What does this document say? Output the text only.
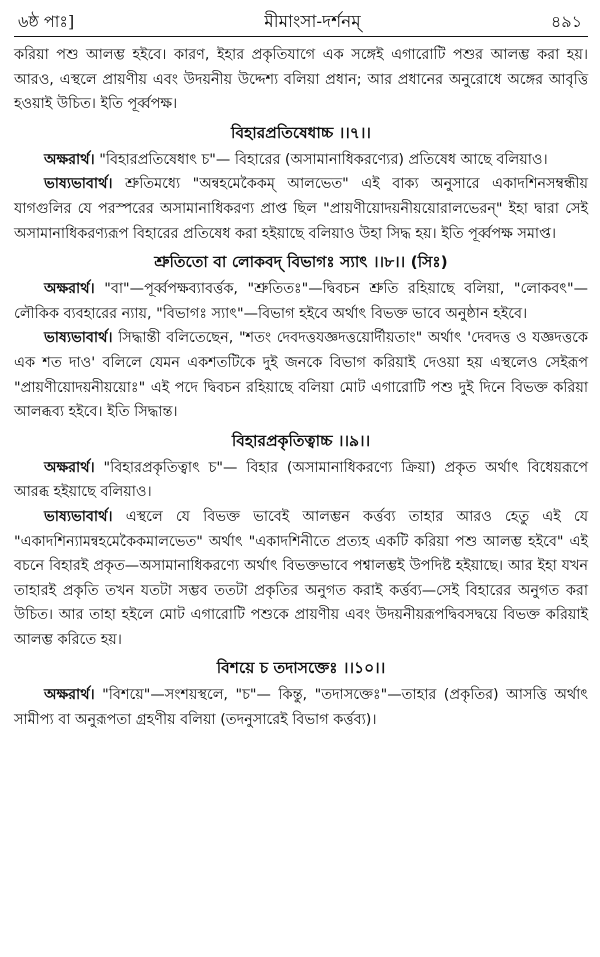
৬ষ্ঠ পাঃ]	মীমাংসা-দর্শনম্	৪৯১

করিয়া পশু আলম্ভ হইবে। কারণ, ইহার প্রকৃতিযাগে এক সঙ্গেই এগারোটি পশুর আলম্ভ করা হয়। আরও, এস্থলে প্রায়ণীয় এবং উদয়নীয় উদ্দেশ্য বলিয়া প্রধান; আর প্রধানের অনুরোধে অঙ্গের আবৃত্তি হওয়াই উচিত। ইতি পূর্ব্বপক্ষ।

বিহারপ্রতিষেধাচ্চ ।।৭।।

অক্ষরার্থ। "বিহারপ্রতিষেধাৎ চ"— বিহারের (অসামানাধিকরণ্যের) প্রতিষেধ আছে বলিয়াও।

ভাষ্যভাবার্থ। শ্রুতিমধ্যে "অন্বহমেকৈকম্ আলভেত" এই বাক্য অনুসারে একাদশিনসম্বন্ধীয় যাগগুলির যে পরস্পরের অসামানাধিকরণ্য প্রাপ্ত ছিল "প্রায়ণীয়োদয়নীয়য়োরালভেরন্" ইহা দ্বারা সেই অসামানাধিকরণ্যরূপ বিহারের প্রতিষেধ করা হইয়াছে বলিয়াও উহা সিদ্ধ হয়। ইতি পূর্ব্বপক্ষ সমাপ্ত।

শ্রুতিতো বা লোকবদ্ বিভাগঃ স্যাৎ ।।৮।। (সিঃ)

অক্ষরার্থ। "বা"—পূর্ব্বপক্ষব্যাবর্ত্তক, "শ্রুতিতঃ"—দ্বিবচন শ্রুতি রহিয়াছে বলিয়া, "লোকবৎ"— লৌকিক ব্যবহারের ন্যায়, "বিভাগঃ স্যাৎ"—বিভাগ হইবে অর্থাৎ বিভক্ত ভাবে অনুষ্ঠান হইবে।

ভাষ্যভাবার্থ। সিদ্ধান্তী বলিতেছেন, "শতং দেবদত্তযজ্ঞদত্তয়োর্দীয়তাং" অর্থাৎ 'দেবদত্ত ও যজ্ঞদত্তকে এক শত দাও' বলিলে যেমন একশতটিকে দুই জনকে বিভাগ করিয়াই দেওয়া হয় এস্থলেও সেইরূপ "প্রায়ণীয়োদয়নীয়য়োঃ" এই পদে দ্বিবচন রহিয়াছে বলিয়া মোট এগারোটি পশু দুই দিনে বিভক্ত করিয়া আলব্ধব্য হইবে। ইতি সিদ্ধান্ত।

বিহারপ্রকৃতিত্বাচ্চ ।।৯।।

অক্ষরার্থ। "বিহারপ্রকৃতিত্বাৎ চ"— বিহার (অসামানাধিকরণ্যে ক্রিয়া) প্রকৃত অর্থাৎ বিধেয়রূপে আরব্ধ হইয়াছে বলিয়াও।

ভাষ্যভাবার্থ। এস্থলে যে বিভক্ত ভাবেই আলম্ভন কর্ত্তব্য তাহার আরও হেতু এই যে "একাদশিন্যামন্বহমেকৈকমালভেত" অর্থাৎ "একাদশিনীতে প্রত্যহ একটি করিয়া পশু আলম্ভ হইবে" এই বচনে বিহারই প্রকৃত—অসামানাধিকরণ্যে অর্থাৎ বিভক্তভাবে পশ্বালম্ভই উপদিষ্ট হইয়াছে। আর ইহা যখন তাহারই প্রকৃতি তখন যতটা সম্ভব ততটা প্রকৃতির অনুগত করাই কর্ত্তব্য—সেই বিহারের অনুগত করা উচিত। আর তাহা হইলে মোট এগারোটি পশুকে প্রায়ণীয় এবং উদয়নীয়রূপদ্বিবসদ্বয়ে বিভক্ত করিয়াই আলম্ভ করিতে হয়।

বিশয়ে চ তদাসক্তেঃ ।।১০।।

অক্ষরার্থ। "বিশয়ে"—সংশয়স্থলে, "চ"— কিন্তু, "তদাসক্তেঃ"—তাহার (প্রকৃতির) আসত্তি অর্থাৎ সামীপ্য বা অনুরূপতা গ্রহণীয় বলিয়া (তদনুসারেই বিভাগ কর্ত্তব্য)।
